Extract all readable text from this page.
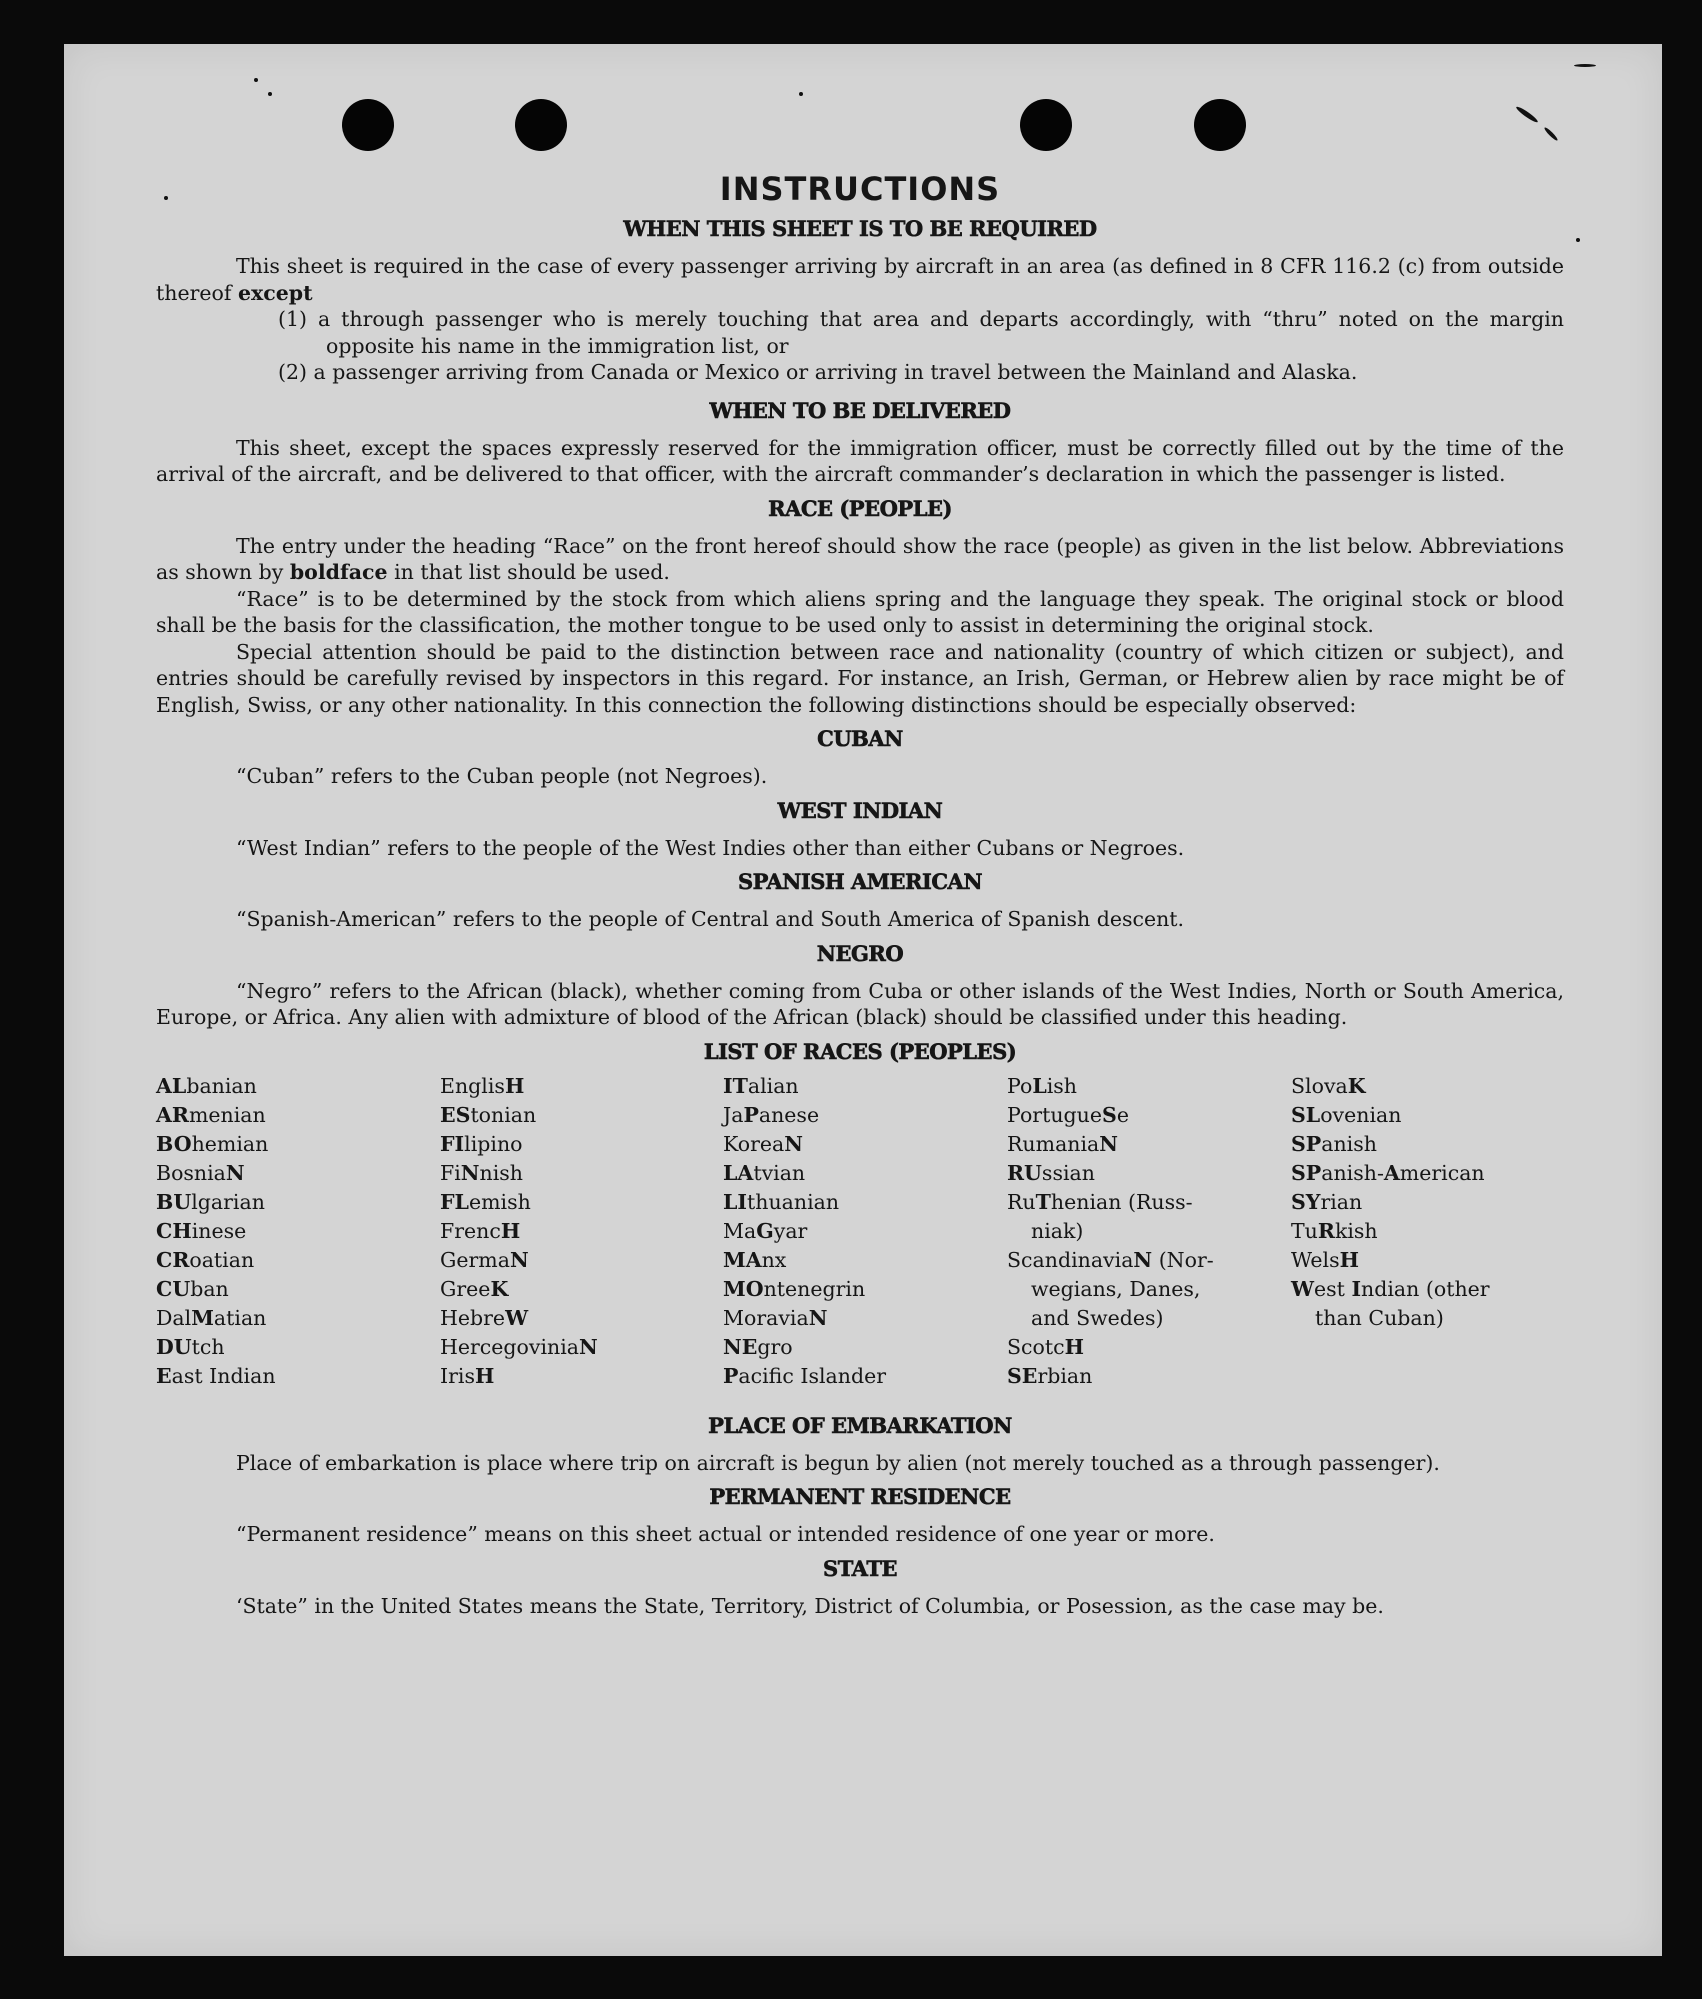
INSTRUCTIONS
WHEN THIS SHEET IS TO BE REQUIRED

This sheet is required in the case of every passenger arriving by aircraft in an area (as defined in 8 CFR 116.2 (c) from outside thereof except

(1) a through passenger who is merely touching that area and departs accordingly, with “thru” noted on the margin opposite his name in the immigration list, or

(2) a passenger arriving from Canada or Mexico or arriving in travel between the Mainland and Alaska.

WHEN TO BE DELIVERED

This sheet, except the spaces expressly reserved for the immigration officer, must be correctly filled out by the time of the arrival of the aircraft, and be delivered to that officer, with the aircraft commander’s declaration in which the passenger is listed.

RACE (PEOPLE)

The entry under the heading “Race” on the front hereof should show the race (people) as given in the list below. Abbreviations as shown by boldface in that list should be used.

“Race” is to be determined by the stock from which aliens spring and the language they speak. The original stock or blood shall be the basis for the classification, the mother tongue to be used only to assist in determining the original stock.

Special attention should be paid to the distinction between race and nationality (country of which citizen or subject), and entries should be carefully revised by inspectors in this regard. For instance, an Irish, German, or Hebrew alien by race might be of English, Swiss, or any other nationality. In this connection the following distinctions should be especially observed:

CUBAN

“Cuban” refers to the Cuban people (not Negroes).

WEST INDIAN

“West Indian” refers to the people of the West Indies other than either Cubans or Negroes.

SPANISH AMERICAN

“Spanish-American” refers to the people of Central and South America of Spanish descent.

NEGRO

“Negro” refers to the African (black), whether coming from Cuba or other islands of the West Indies, North or South America, Europe, or Africa. Any alien with admixture of blood of the African (black) should be classified under this heading.

LIST OF RACES (PEOPLES)
ALbanian
ARmenian
BOhemian
BosniaN
BUlgarian
CHinese
CRoatian
CUban
DalMatian
DUtch
East Indian
EnglisH
EStonian
FIlipino
FiNnish
FLemish
FrencH
GermaN
GreeK
HebreW
HercegoviniaN
IrisH
ITalian
JaPanese
KoreaN
LAtvian
LIthuanian
MaGyar
MAnx
MOntenegrin
MoraviaN
NEgro
Pacific Islander
PoLish
PortugueSe
RumaniaN
RUssian
RuThenian (Russ-
niak)
ScandinaviaN (Nor-
wegians, Danes,
and Swedes)
ScotcH
SErbian
SlovaK
SLovenian
SPanish
SPanish-American
SYrian
TuRkish
WelsH
West Indian (other
than Cuban)
PLACE OF EMBARKATION

Place of embarkation is place where trip on aircraft is begun by alien (not merely touched as a through passenger).

PERMANENT RESIDENCE

“Permanent residence” means on this sheet actual or intended residence of one year or more.

STATE

‘State” in the United States means the State, Territory, District of Columbia, or Posession, as the case may be.
